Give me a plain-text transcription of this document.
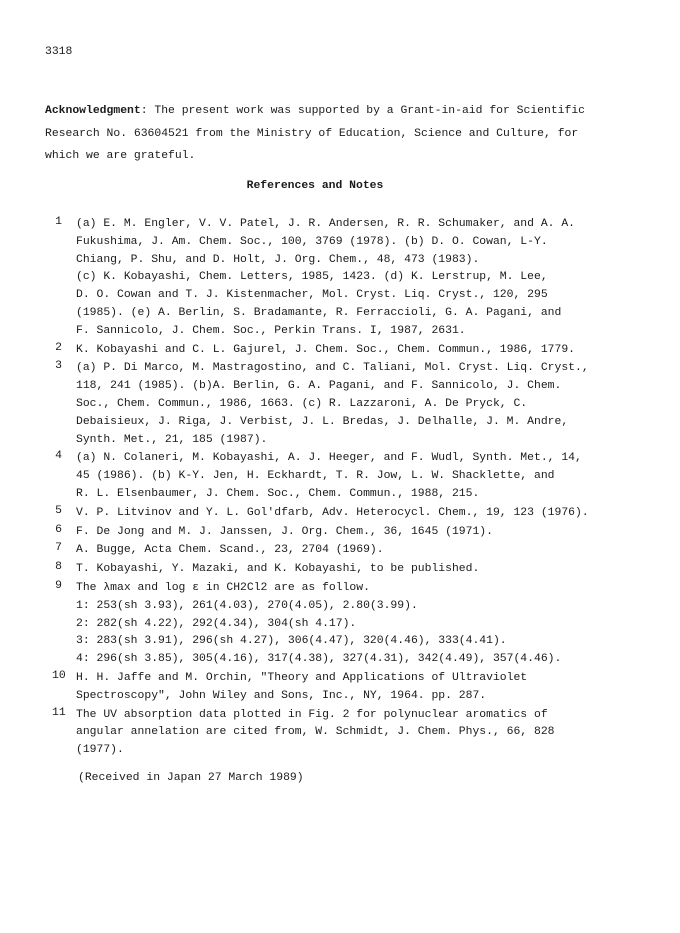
3318
Acknowledgment: The present work was supported by a Grant-in-aid for Scientific
Research No. 63604521 from the Ministry of Education, Science and Culture, for
which we are grateful.
References and Notes
1 (a) E. M. Engler, V. V. Patel, J. R. Andersen, R. R. Schumaker, and A. A.
Fukushima, J. Am. Chem. Soc., 100, 3769 (1978). (b) D. O. Cowan, L-Y.
Chiang, P. Shu, and D. Holt, J. Org. Chem., 48, 473 (1983).
(c) K. Kobayashi, Chem. Letters, 1985, 1423. (d) K. Lerstrup, M. Lee,
D. O. Cowan and T. J. Kistenmacher, Mol. Cryst. Liq. Cryst., 120, 295
(1985). (e) A. Berlin, S. Bradamante, R. Ferraccioli, G. A. Pagani, and
F. Sannicolo, J. Chem. Soc., Perkin Trans. I, 1987, 2631.
2 K. Kobayashi and C. L. Gajurel, J. Chem. Soc., Chem. Commun., 1986, 1779.
3 (a) P. Di Marco, M. Mastragostino, and C. Taliani, Mol. Cryst. Liq. Cryst.,
118, 241 (1985). (b)A. Berlin, G. A. Pagani, and F. Sannicolo, J. Chem.
Soc., Chem. Commun., 1986, 1663. (c) R. Lazzaroni, A. De Pryck, C.
Debaisieux, J. Riga, J. Verbist, J. L. Bredas, J. Delhalle, J. M. Andre,
Synth. Met., 21, 185 (1987).
4 (a) N. Colaneri, M. Kobayashi, A. J. Heeger, and F. Wudl, Synth. Met., 14,
45 (1986). (b) K-Y. Jen, H. Eckhardt, T. R. Jow, L. W. Shacklette, and
R. L. Elsenbaumer, J. Chem. Soc., Chem. Commun., 1988, 215.
5 V. P. Litvinov and Y. L. Gol'dfarb, Adv. Heterocycl. Chem., 19, 123 (1976).
6 F. De Jong and M. J. Janssen, J. Org. Chem., 36, 1645 (1971).
7 A. Bugge, Acta Chem. Scand., 23, 2704 (1969).
8 T. Kobayashi, Y. Mazaki, and K. Kobayashi, to be published.
9 The λmax and log ε in CH2Cl2 are as follow.
1: 253(sh 3.93), 261(4.03), 270(4.05), 2.80(3.99).
2: 282(sh 4.22), 292(4.34), 304(sh 4.17).
3: 283(sh 3.91), 296(sh 4.27), 306(4.47), 320(4.46), 333(4.41).
4: 296(sh 3.85), 305(4.16), 317(4.38), 327(4.31), 342(4.49), 357(4.46).
10 H. H. Jaffe and M. Orchin, "Theory and Applications of Ultraviolet
Spectroscopy", John Wiley and Sons, Inc., NY, 1964. pp. 287.
11 The UV absorption data plotted in Fig. 2 for polynuclear aromatics of
angular annelation are cited from, W. Schmidt, J. Chem. Phys., 66, 828
(1977).
(Received in Japan 27 March 1989)
